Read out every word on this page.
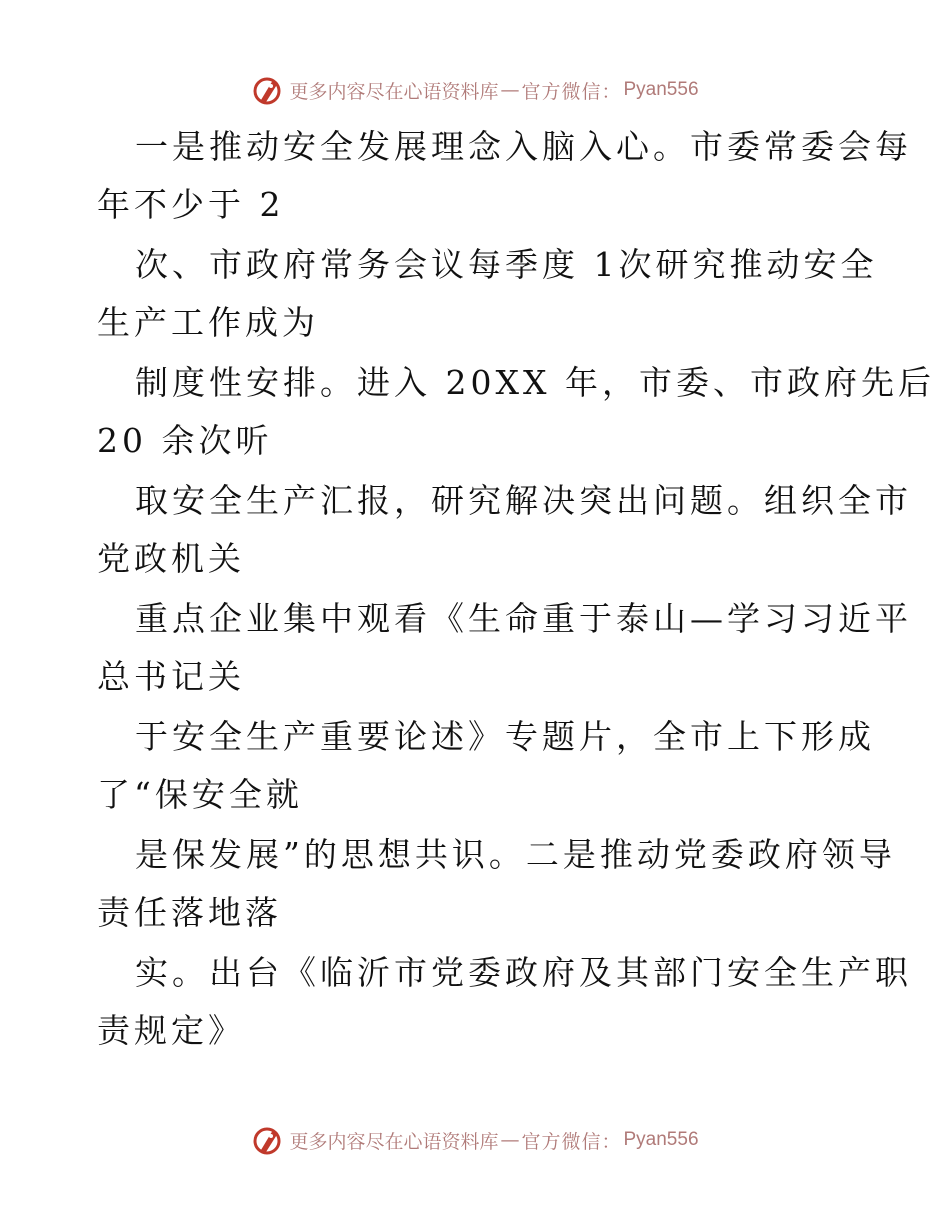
更多内容尽在心语资料库 — 官方微信： Pyan556
一是推动安全发展理念入脑入心。市委常委会每
年不少于 2
次、市政府常务会议每季度 1次研究推动安全
生产工作成为
制度性安排。进入 20XX 年，市委、市政府先后
20 余次听
取安全生产汇报，研究解决突出问题。组织全市
党政机关
重点企业集中观看《生命重于泰山—学习习近平
总书记关
于安全生产重要论述》专题片，全市上下形成
了“保安全就
是保发展”的思想共识。二是推动党委政府领导
责任落地落
实。出台《临沂市党委政府及其部门安全生产职
责规定》
更多内容尽在心语资料库 — 官方微信： Pyan556
